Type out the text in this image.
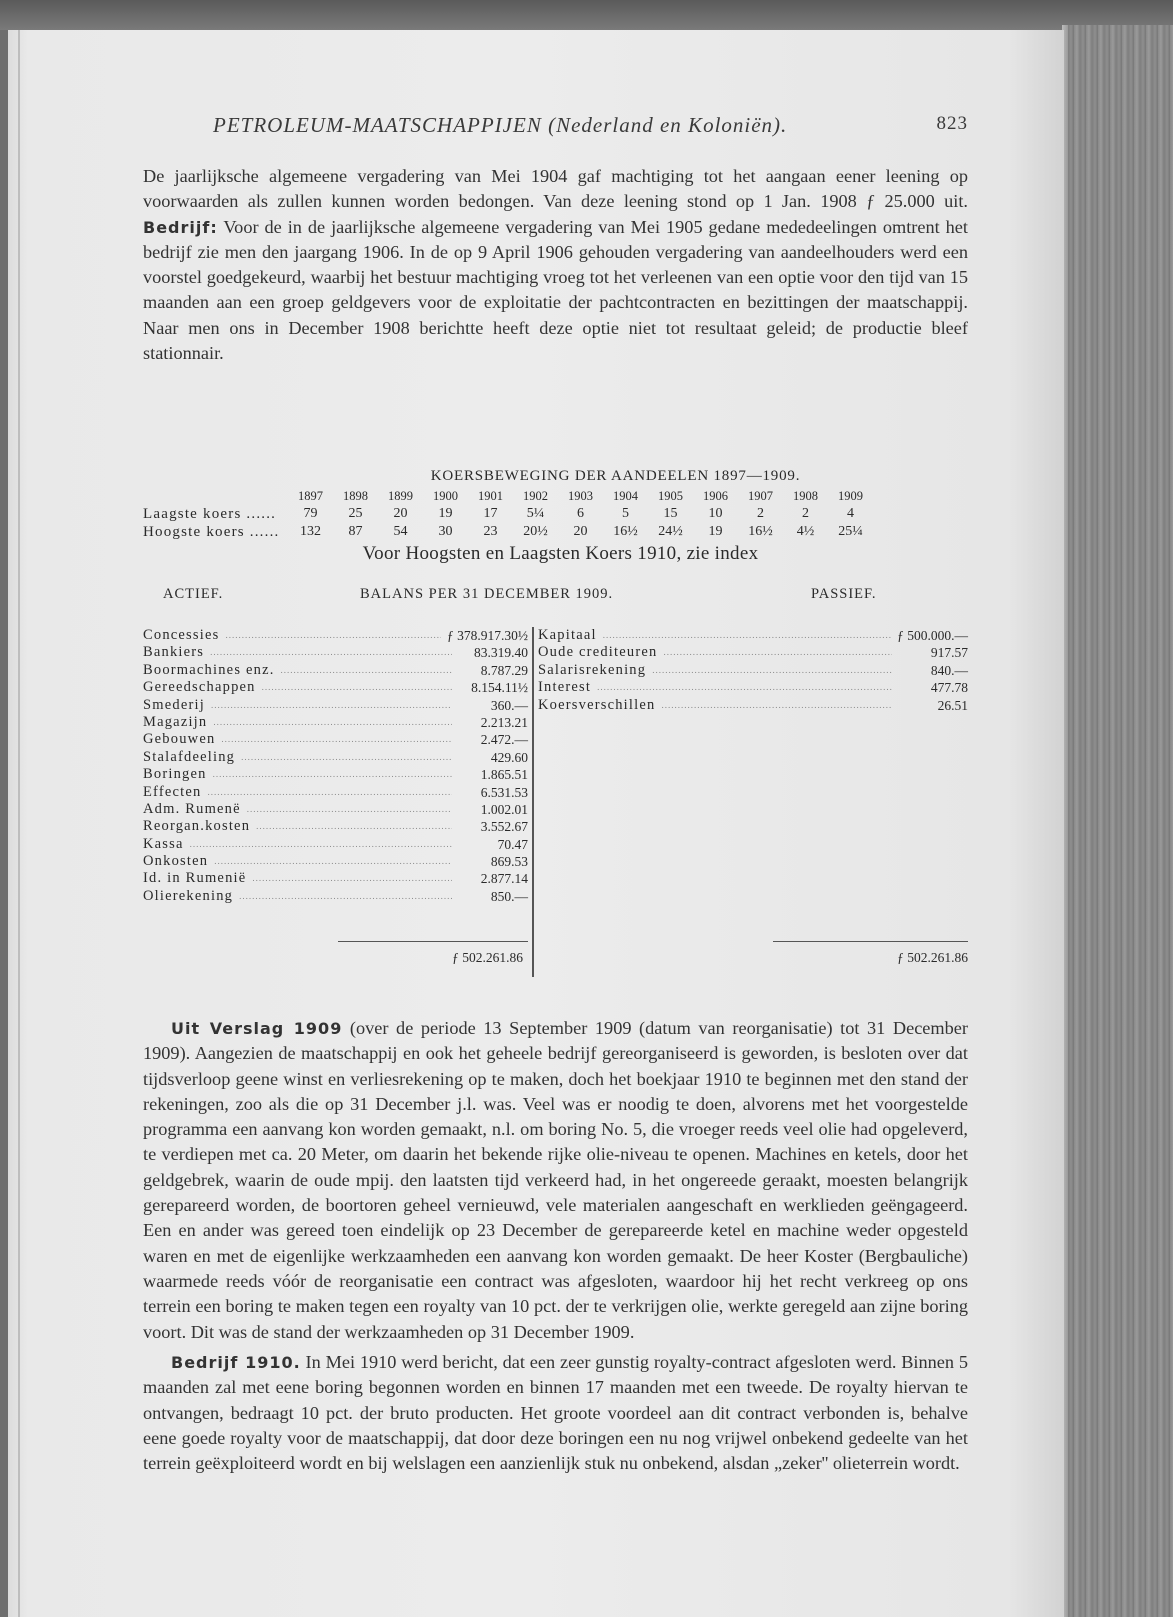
PETROLEUM-MAATSCHAPPIJEN (Nederland en Koloniën).	823

De jaarlijksche algemeene vergadering van Mei 1904 gaf machtiging tot het aangaan eener leening op voorwaarden als zullen kunnen worden bedongen. Van deze leening stond op 1 Jan. 1908 ƒ 25.000 uit. Bedrijf: Voor de in de jaarlijksche algemeene vergadering van Mei 1905 gedane mededeelingen omtrent het bedrijf zie men den jaargang 1906. In de op 9 April 1906 gehouden vergadering van aandeelhouders werd een voorstel goedgekeurd, waarbij het bestuur machtiging vroeg tot het verleenen van een optie voor den tijd van 15 maanden aan een groep geldgevers voor de exploitatie der pachtcontracten en bezittingen der maatschappij. Naar men ons in December 1908 berichtte heeft deze optie niet tot resultaat geleid; de productie bleef stationnair.

KOERSBEWEGING DER AANDEELEN 1897—1909.
	1897	1898	1899	1900	1901	1902	1903	1904	1905	1906	1907	1908	1909
Laagste koers ......	79	25	20	19	17	5¼	6	5	15	10	2	2	4
Hoogste koers ......	132	87	54	30	23	20½	20	16½	24½	19	16½	4½	25¼
Voor Hoogsten en Laagsten Koers 1910, zie index
ACTIEF.	BALANS PER 31 DECEMBER 1909.	PASSIEF.
Concessies .....	ƒ 378.917.30½
Bankiers .....	83.319.40
Boormachines enz. .....	8.787.29
Gereedschappen .....	8.154.11½
Smederij .....	360.—
Magazijn .....	2.213.21
Gebouwen .....	2.472.—
Stalafdeeling .....	429.60
Boringen .....	1.865.51
Effecten .....	6.531.53
Adm. Rumenë .....	1.002.01
Reorgan.kosten .....	3.552.67
Kassa .....	70.47
Onkosten .....	869.53
Id. in Rumenië .....	2.877.14
Olierekening .....	850.—
Kapitaal .....	ƒ 500.000.—
Oude crediteuren .....	917.57
Salarisrekening .....	840.—
Interest .....	477.78
Koersverschillen .....	26.51
ƒ 502.261.86	ƒ 502.261.86

Uit Verslag 1909 (over de periode 13 September 1909 (datum van reorganisatie) tot 31 December 1909). Aangezien de maatschappij en ook het geheele bedrijf gereorganiseerd is geworden, is besloten over dat tijdsverloop geene winst en verliesrekening op te maken, doch het boekjaar 1910 te beginnen met den stand der rekeningen, zoo als die op 31 December j.l. was. Veel was er noodig te doen, alvorens met het voorgestelde programma een aanvang kon worden gemaakt, n.l. om boring No. 5, die vroeger reeds veel olie had opgeleverd, te verdiepen met ca. 20 Meter, om daarin het bekende rijke olie-niveau te openen. Machines en ketels, door het geldgebrek, waarin de oude mpij. den laatsten tijd verkeerd had, in het ongereede geraakt, moesten belangrijk gerepareerd worden, de boortoren geheel vernieuwd, vele materialen aangeschaft en werklieden geëngageerd. Een en ander was gereed toen eindelijk op 23 December de gerepareerde ketel en machine weder opgesteld waren en met de eigenlijke werkzaamheden een aanvang kon worden gemaakt. De heer Koster (Bergbauliche) waarmede reeds vóór de reorganisatie een contract was afgesloten, waardoor hij het recht verkreeg op ons terrein een boring te maken tegen een royalty van 10 pct. der te verkrijgen olie, werkte geregeld aan zijne boring voort. Dit was de stand der werkzaamheden op 31 December 1909.

Bedrijf 1910. In Mei 1910 werd bericht, dat een zeer gunstig royalty-contract afgesloten werd. Binnen 5 maanden zal met eene boring begonnen worden en binnen 17 maanden met een tweede. De royalty hiervan te ontvangen, bedraagt 10 pct. der bruto producten. Het groote voordeel aan dit contract verbonden is, behalve eene goede royalty voor de maatschappij, dat door deze boringen een nu nog vrijwel onbekend gedeelte van het terrein geëxploiteerd wordt en bij welslagen een aanzienlijk stuk nu onbekend, alsdan „zeker'' olieterrein wordt.
